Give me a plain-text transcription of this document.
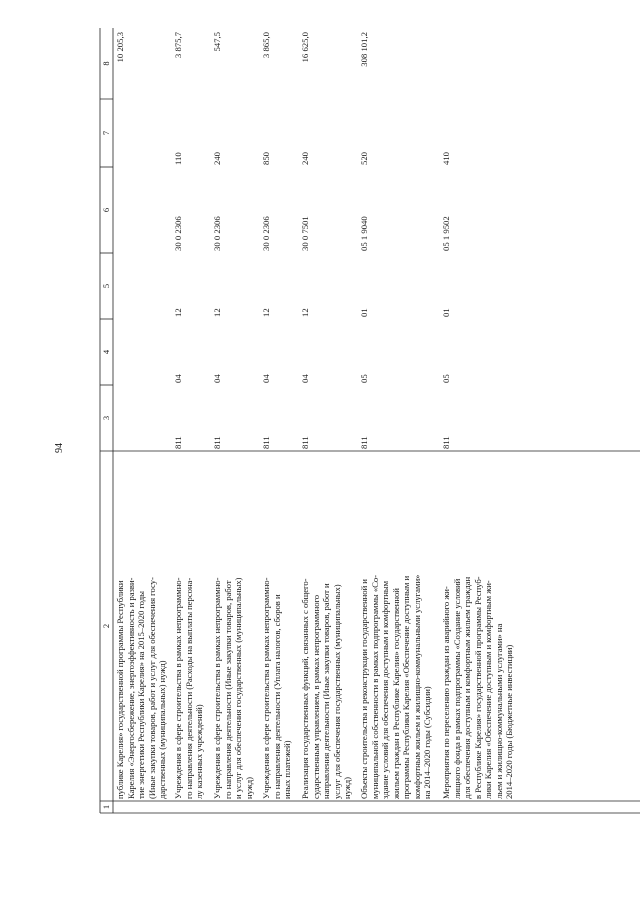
94
1
2
3
4
5
6
7
8
публике Карелия» государственной программы Республики
Карелия «Энергосбережение, энергоэффективность и разви-
тие энергетики Республики Карелия» на 2015–2020 годы
(Иные закупки товаров, работ и услуг для обеспечения госу-
дарственных (муниципальных) нужд)
10 205,3
Учреждения в сфере строительства в рамках непрограммно-
го направления деятельности (Расходы на выплаты персона-
лу казенных учреждений)
811
04
12
30 0 2306
110
3 875,7
Учреждения в сфере строительства в рамках непрограммно-
го направления деятельности (Иные закупки товаров, работ
и услуг для обеспечения государственных (муниципальных)
нужд)
811
04
12
30 0 2306
240
547,5
Учреждения в сфере строительства в рамках непрограммно-
го направления деятельности (Уплата налогов, сборов и
иных платежей)
811
04
12
30 0 2306
850
3 865,0
Реализация государственных функций, связанных с общего-
сударственным управлением, в рамках непрограммного
направления деятельности (Иные закупки товаров, работ и
услуг для обеспечения государственных (муниципальных)
нужд)
811
04
12
30 0 7501
240
16 625,0
Объекты строительства и реконструкции государственной и
муниципальной собственности в рамках подпрограммы «Со-
здание условий для обеспечения доступным и комфортным
жильем граждан в Республике Карелия» государственной
программы Республики Карелия «Обеспечение доступным и
комфортным жильем и жилищно-коммунальными услугами»
на 2014–2020 годы (Субсидии)
811
05
01
05 1 9040
520
308 101,2
Мероприятия по переселению граждан из аварийного жи-
лищного фонда в рамках подпрограммы «Создание условий
для обеспечения доступным и комфортным жильем граждан
в Республике Карелия» государственной программы Респуб-
лики Карелия «Обеспечение доступным и комфортным жи-
льем и жилищно-коммунальными услугами» на
2014–2020 годы (Бюджетные инвестиции)
811
05
01
05 1 9502
410
